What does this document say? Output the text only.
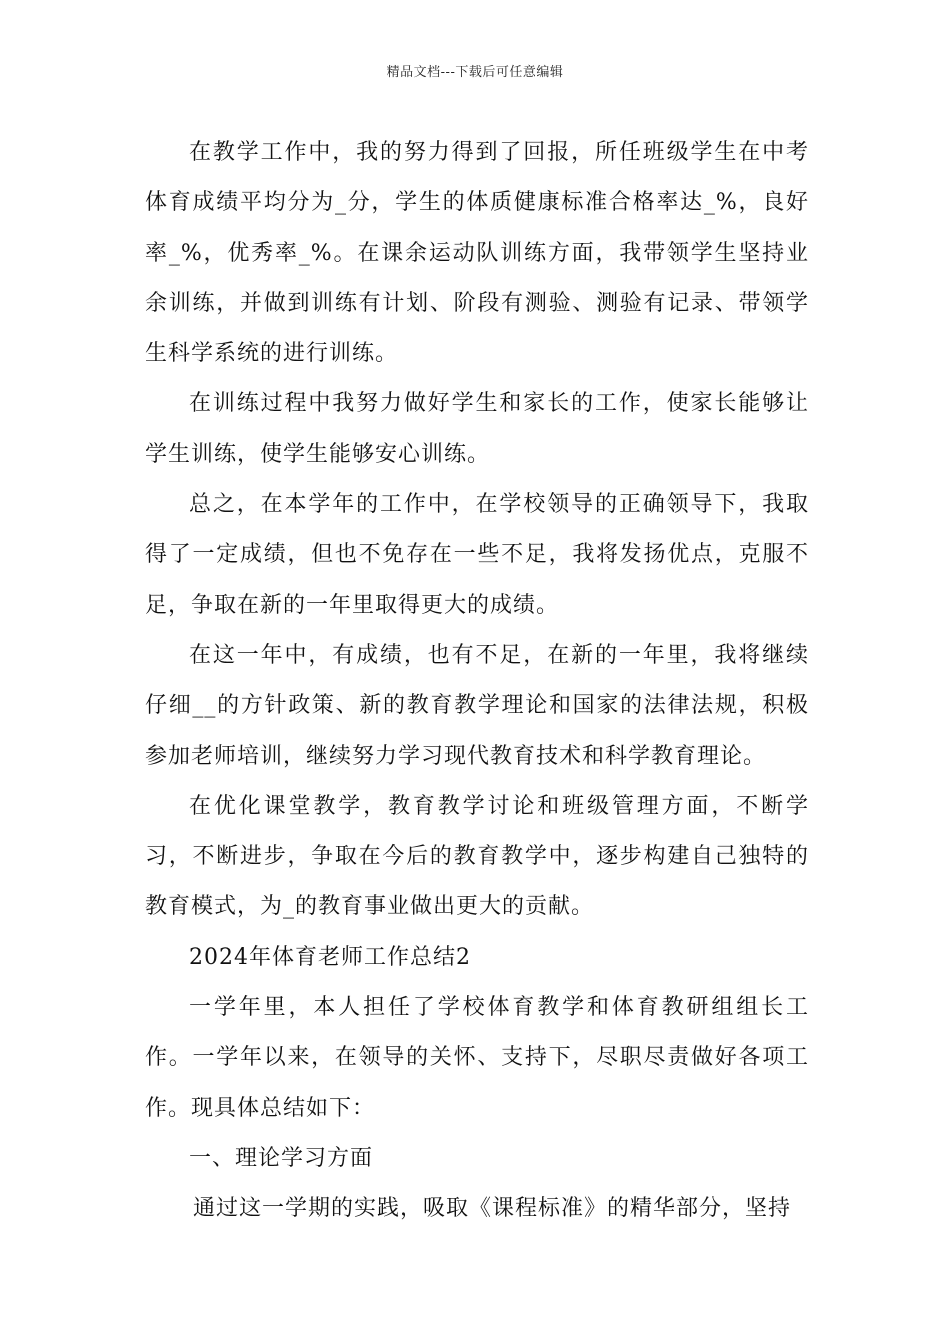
精品文档---下载后可任意编辑

在教学工作中，我的努力得到了回报，所任班级学生在中考体育成绩平均分为_分，学生的体质健康标准合格率达_%，良好率_%，优秀率_%。在课余运动队训练方面，我带领学生坚持业余训练，并做到训练有计划、阶段有测验、测验有记录、带领学生科学系统的进行训练。

在训练过程中我努力做好学生和家长的工作，使家长能够让学生训练，使学生能够安心训练。

总之，在本学年的工作中，在学校领导的正确领导下，我取得了一定成绩，但也不免存在一些不足，我将发扬优点，克服不足，争取在新的一年里取得更大的成绩。

在这一年中，有成绩，也有不足，在新的一年里，我将继续仔细__的方针政策、新的教育教学理论和国家的法律法规，积极参加老师培训，继续努力学习现代教育技术和科学教育理论。

在优化课堂教学，教育教学讨论和班级管理方面，不断学习，不断进步，争取在今后的教育教学中，逐步构建自己独特的教育模式，为_的教育事业做出更大的贡献。

2024年体育老师工作总结2

一学年里，本人担任了学校体育教学和体育教研组组长工作。一学年以来，在领导的关怀、支持下，尽职尽责做好各项工作。现具体总结如下：

一、理论学习方面

通过这一学期的实践，吸取《课程标准》的精华部分，坚持
